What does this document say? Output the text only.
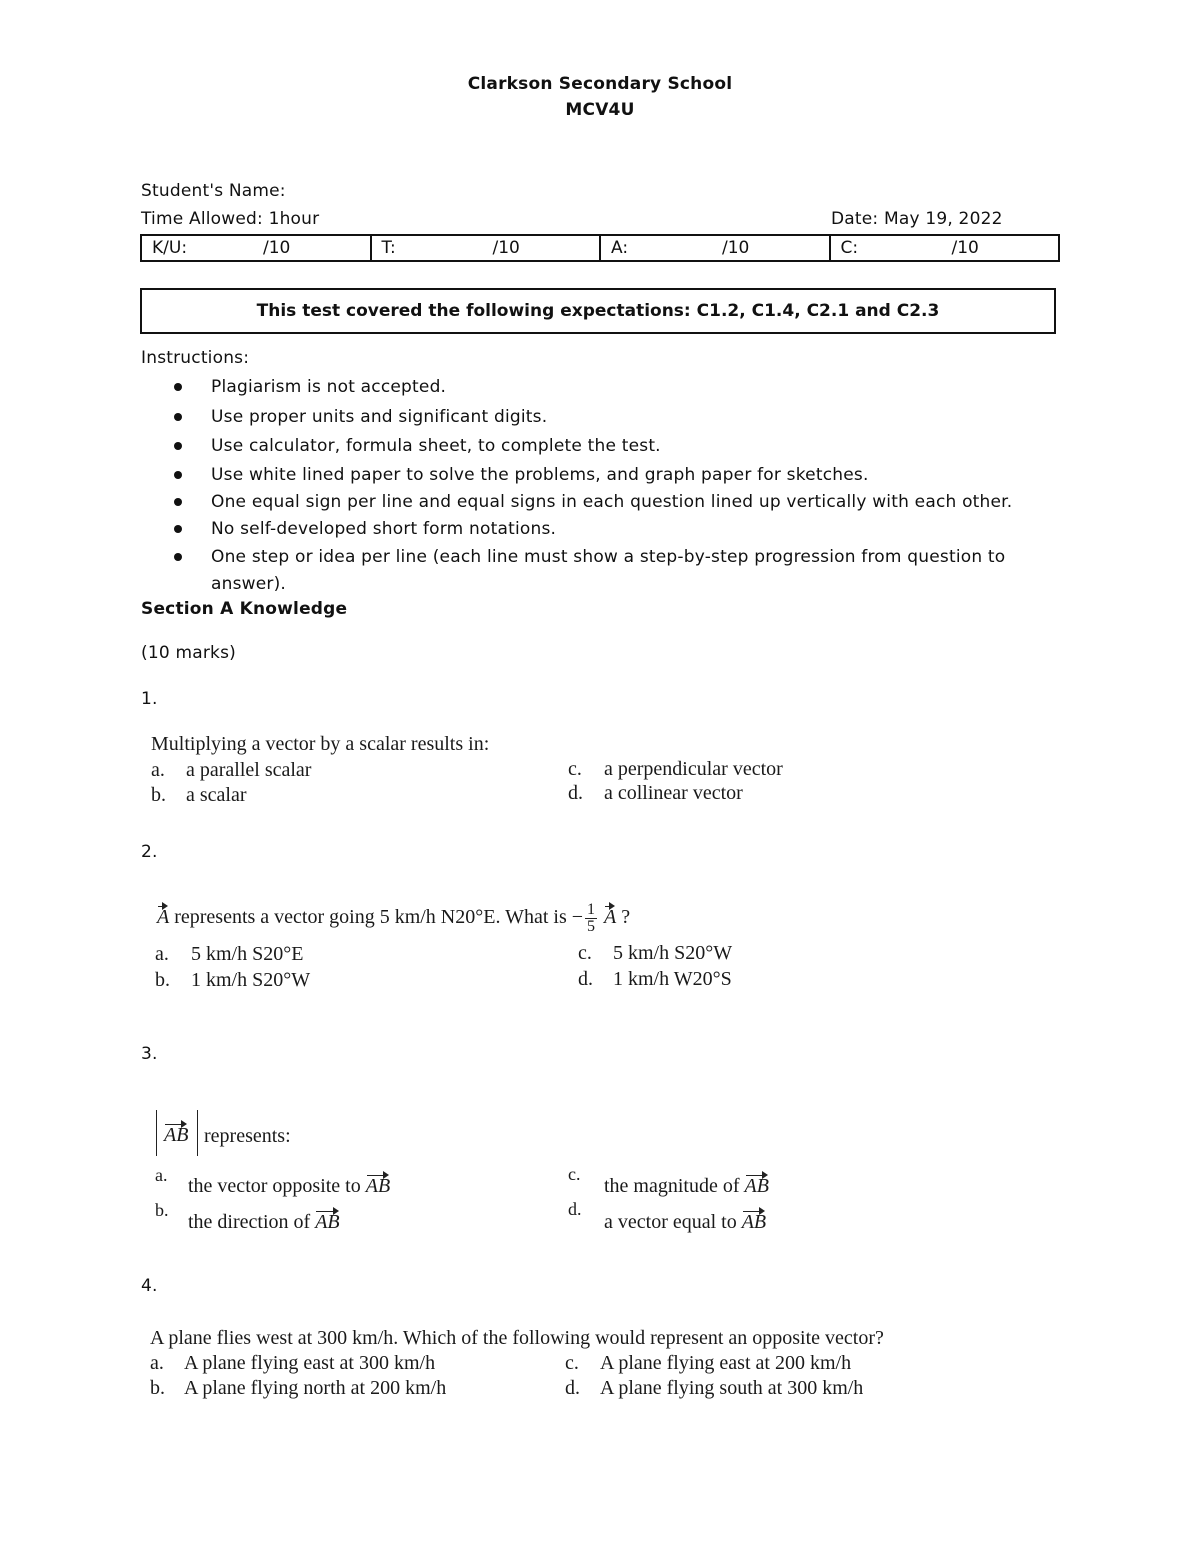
Clarkson Secondary School
MCV4U
Student's Name:
Time Allowed: 1hour	Date: May 19, 2022
K/U:	/10	T:	/10	A:	/10	C:	/10
This test covered the following expectations: C1.2, C1.4, C2.1 and C2.3
Instructions:
Plagiarism is not accepted.
Use proper units and significant digits.
Use calculator, formula sheet, to complete the test.
Use white lined paper to solve the problems, and graph paper for sketches.
One equal sign per line and equal signs in each question lined up vertically with each other.
No self-developed short form notations.
One step or idea per line (each line must show a step-by-step progression from question to
answer).
Section A Knowledge
(10 marks)
1.
Multiplying a vector by a scalar results in:
a. a parallel scalar
b. a scalar
c. a perpendicular vector
d. a collinear vector
2.
A represents a vector going 5 km/h N20°E. What is − $\frac{1}{5}$ A ?
a. 5 km/h S20°E
b. 1 km/h S20°W
c. 5 km/h S20°W
d. 1 km/h W20°S
3.
AB represents:
a. the vector opposite to AB
b.
the direction of AB
c.
the magnitude of AB
d.
a vector equal to AB
4.
A plane flies west at 300 km/h. Which of the following would represent an opposite vector?
a. A plane flying east at 300 km/h
b. A plane flying north at 200 km/h
c. A plane flying east at 200 km/h
d. A plane flying south at 300 km/h
